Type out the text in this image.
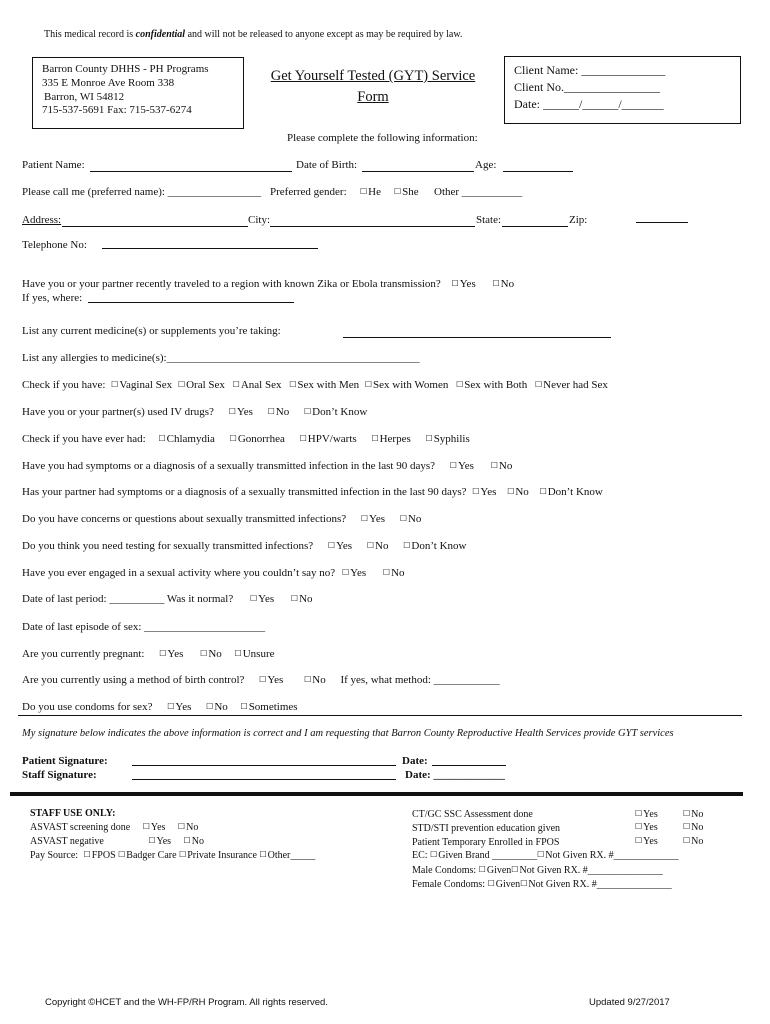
This medical record is confidential and will not be released to anyone except as may be required by law.
Barron County DHHS - PH Programs
335 E Monroe Ave Room 338
Barron, WI 54812
715-537-5691 Fax: 715-537-6274
Get Yourself Tested (GYT) Service
Form
Client Name: ______________
Client No.________________
Date: ______/______/_______
Please complete the following information:
Patient Name:	Date of Birth:	Age:
Please call me (preferred name): _________________ Preferred gender: ☐He ☐She Other ___________
Address:	City:	State:	Zip:
Telephone No:
Have you or your partner recently traveled to a region with known Zika or Ebola transmission? ☐Yes ☐No
If yes, where:
List any current medicine(s) or supplements you’re taking:
List any allergies to medicine(s):______________________________________________
Check if you have: ☐Vaginal Sex ☐Oral Sex ☐Anal Sex ☐Sex with Men ☐Sex with Women ☐Sex with Both ☐Never had Sex
Have you or your partner(s) used IV drugs? ☐Yes ☐No ☐Don’t Know
Check if you have ever had: ☐Chlamydia ☐Gonorrhea ☐HPV/warts ☐Herpes ☐Syphilis
Have you had symptoms or a diagnosis of a sexually transmitted infection in the last 90 days? ☐Yes ☐No
Has your partner had symptoms or a diagnosis of a sexually transmitted infection in the last 90 days? ☐Yes ☐No ☐Don’t Know
Do you have concerns or questions about sexually transmitted infections? ☐Yes ☐No
Do you think you need testing for sexually transmitted infections? ☐Yes ☐No ☐Don’t Know
Have you ever engaged in a sexual activity where you couldn’t say no? ☐Yes ☐No
Date of last period: __________ Was it normal? ☐Yes ☐No
Date of last episode of sex: ______________________
Are you currently pregnant: ☐Yes ☐No ☐Unsure
Are you currently using a method of birth control? ☐Yes	☐No If yes, what method: ____________
Do you use condoms for sex? ☐Yes ☐No ☐Sometimes
My signature below indicates the above information is correct and I am requesting that Barron County Reproductive Health Services provide GYT services
Patient Signature:	Date:
Staff Signature:	Date: _____________
STAFF USE ONLY:
ASVAST screening done ☐Yes ☐No
ASVAST negative	☐Yes ☐No
Pay Source: ☐FPOS ☐Badger Care ☐Private Insurance ☐Other_____
CT/GC SSC Assessment done	☐Yes	☐No
STD/STI prevention education given	☐Yes	☐No
Patient Temporary Enrolled in FPOS	☐Yes	☐No
EC: ☐Given Brand _________☐Not Given RX. #_____________
Male Condoms: ☐Given☐Not Given RX. #_______________
Female Condoms: ☐Given☐Not Given RX. #_______________
Copyright ©HCET and the WH-FP/RH Program. All rights reserved.	Updated 9/27/2017
